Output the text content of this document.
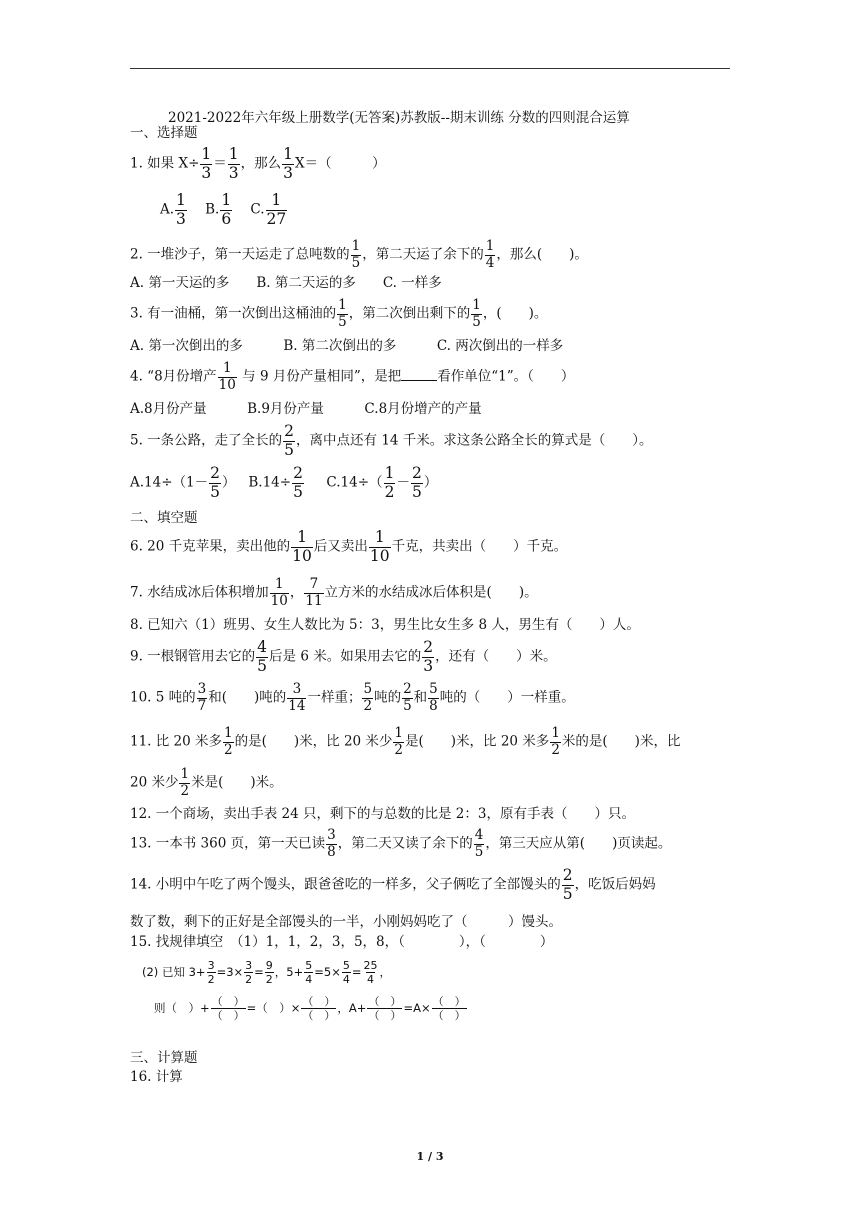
2021-2022年六年级上册数学(无答案)苏教版--期末训练 分数的四则混合运算
一、选择题
1. 如果 $X\div \frac{1}{3} = \frac{1}{3}$ ，那么 $\frac{1}{3} X=$（　　　）
A. $\frac{1}{3} B$. $\frac{1}{6} C$. $\frac{1}{27}$
2. 一堆沙子，第一天运走了总吨数的 $\frac{1}{5}$ ，第二天运了余下的 $\frac{1}{4}$ ，那么(　　)。
A. 第一天运的多　　B. 第二天运的多　　C. 一样多
3. 有一油桶，第一次倒出这桶油的 $\frac{1}{5}$ ，第二次倒出剩下的 $\frac{1}{5}$ ，(　　)。
A. 第一次倒出的多　　　B. 第二次倒出的多　　　C. 两次倒出的一样多
4. “8月份增产 $\frac{1}{10}$ 与 9 月份产量相同”，是把	看作单位“1”。（　　）
A.8月份产量　　　B.9月份产量　　　C.8月份增产的产量
5. 一条公路，走了全长的 $\frac{2}{5}$ ，离中点还有 14 千米。求这条公路全长的算式是（　　）。
$A.14\div(1- \frac{2}{5}$ ） $B.14\div \frac{2}{5} C.14\div( \frac{1}{2} - \frac{2}{5}$ ）
二、填空题
6. 20 千克苹果，卖出他的 $\frac{1}{10}$ 后又卖出 $\frac{1}{10}$ 千克，共卖出（　　）千克。
7. 水结成冰后体积增加 $\frac{1}{10}$ ， $\frac{7}{11}$ 立方米的水结成冰后体积是(　　)。
8. 已知六（1）班男、女生人数比为 5：3，男生比女生多 8 人，男生有（　　）人。
9. 一根钢管用去它的 $\frac{4}{5}$ 后是 6 米。如果用去它的 $\frac{2}{3}$ ，还有（　　）米。
10. 5 吨的 $\frac{3}{7}$ 和(　　)吨的 $\frac{3}{14}$ 一样重； $\frac{5}{2}$ 吨的 $\frac{2}{5}$ 和 $\frac{5}{8}$ 吨的（　　）一样重。
11. 比 20 米多 $\frac{1}{2}$ 的是(　　)米，比 20 米少 $\frac{1}{2}$ 是(　　)米，比 20 米多 $\frac{1}{2}$ 米的是(　　)米，比
20 米少 $\frac{1}{2}$ 米是(　　)米。
12. 一个商场，卖出手表 24 只，剩下的与总数的比是 2：3，原有手表（　　）只。
13. 一本书 360 页，第一天已读 $\frac{3}{8}$ ，第二天又读了余下的 $\frac{4}{5}$ ，第三天应从第(　　)页读起。
14. 小明中午吃了两个馒头，跟爸爸吃的一样多，父子俩吃了全部馒头的 $\frac{2}{5}$ ，吃饭后妈妈
数了数，剩下的正好是全部馒头的一半，小刚妈妈吃了（　　　）馒头。
15. 找规律填空　（1）1，1，2，3，5，8，（　　　　），（　　　　）
(2) 已知 $3+ \frac{3}{2} =3\times \frac{3}{2} = \frac{9}{2}$ ，$5+ \frac{5}{4} =5\times \frac{5}{4} = \frac{25}{4}$ ，
则（　）+ （　）
（　）
=（　）× （　）
（　）
，A+ （　）
（　）
=A× （　）
（　）
三、计算题
16. 计算
1 / 3
